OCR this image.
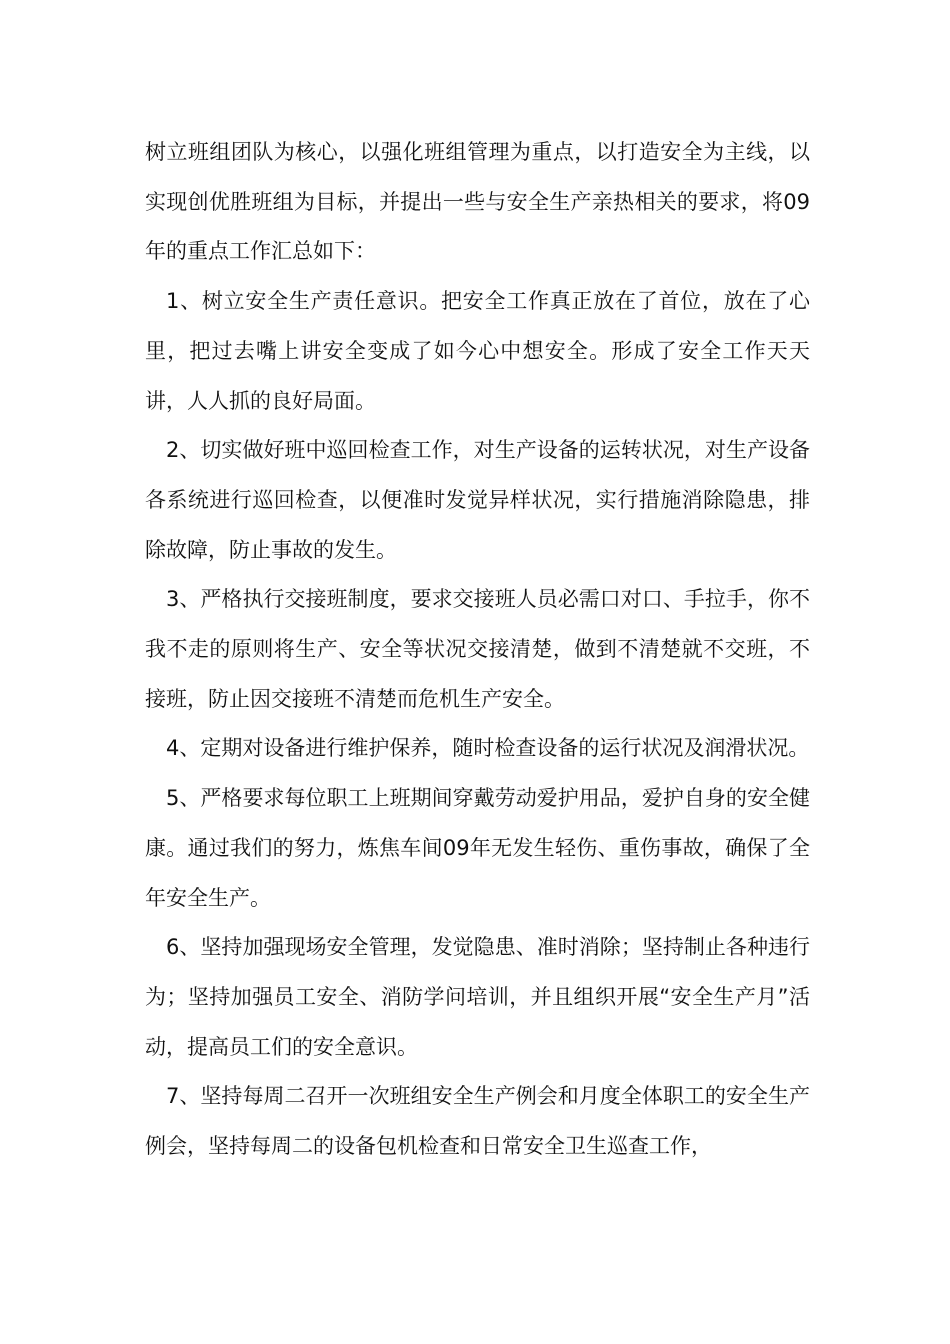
树立班组团队为核心，以强化班组管理为重点，以打造安全为主线，以实现创优胜班组为目标，并提出一些与安全生产亲热相关的要求，将09年的重点工作汇总如下：

1、树立安全生产责任意识。把安全工作真正放在了首位，放在了心里，把过去嘴上讲安全变成了如今心中想安全。形成了安全工作天天讲，人人抓的良好局面。

2、切实做好班中巡回检查工作，对生产设备的运转状况，对生产设备各系统进行巡回检查，以便准时发觉异样状况，实行措施消除隐患，排除故障，防止事故的发生。

3、严格执行交接班制度，要求交接班人员必需口对口、手拉手，你不我不走的原则将生产、安全等状况交接清楚，做到不清楚就不交班，不接班，防止因交接班不清楚而危机生产安全。

4、定期对设备进行维护保养，随时检查设备的运行状况及润滑状况。

5、严格要求每位职工上班期间穿戴劳动爱护用品，爱护自身的安全健康。通过我们的努力，炼焦车间09年无发生轻伤、重伤事故，确保了全年安全生产。

6、坚持加强现场安全管理，发觉隐患、准时消除；坚持制止各种违行为；坚持加强员工安全、消防学问培训，并且组织开展“安全生产月”活动，提高员工们的安全意识。

7、坚持每周二召开一次班组安全生产例会和月度全体职工的安全生产例会，坚持每周二的设备包机检查和日常安全卫生巡查工作，
